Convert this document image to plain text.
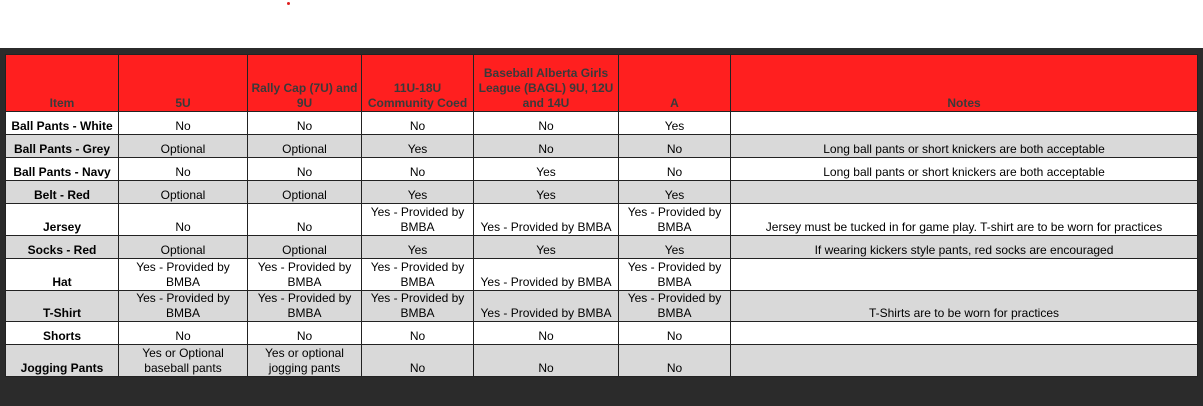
Item	5U	Rally Cap (7U) and 9U	11U-18U Community Coed	Baseball Alberta Girls League (BAGL) 9U, 12U and 14U	A	Notes
Ball Pants - White	No	No	No	No	Yes	
Ball Pants - Grey	Optional	Optional	Yes	No	No	Long ball pants or short knickers are both acceptable
Ball Pants - Navy	No	No	No	Yes	No	Long ball pants or short knickers are both acceptable
Belt - Red	Optional	Optional	Yes	Yes	Yes	
Jersey	No	No	Yes - Provided by BMBA	Yes - Provided by BMBA	Yes - Provided by BMBA	Jersey must be tucked in for game play. T-shirt are to be worn for practices
Socks - Red	Optional	Optional	Yes	Yes	Yes	If wearing kickers style pants, red socks are encouraged
Hat	Yes - Provided by BMBA	Yes - Provided by BMBA	Yes - Provided by BMBA	Yes - Provided by BMBA	Yes - Provided by BMBA	
T-Shirt	Yes - Provided by BMBA	Yes - Provided by BMBA	Yes - Provided by BMBA	Yes - Provided by BMBA	Yes - Provided by BMBA	T-Shirts are to be worn for practices
Shorts	No	No	No	No	No	
Jogging Pants	Yes or Optional baseball pants	Yes or optional jogging pants	No	No	No	
